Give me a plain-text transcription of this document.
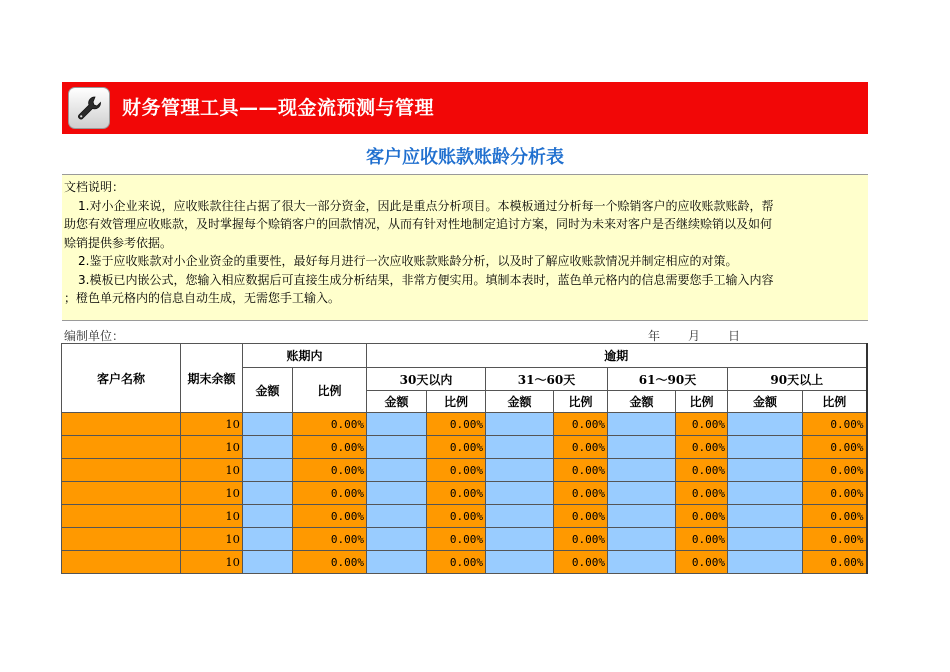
财务管理工具——现金流预测与管理
客户应收账款账龄分析表

文档说明：

1.对小企业来说，应收账款往往占据了很大一部分资金，因此是重点分析项目。本模板通过分析每一个赊销客户的应收账款账龄，帮

助您有效管理应收账款，及时掌握每个赊销客户的回款情况，从而有针对性地制定追讨方案，同时为未来对客户是否继续赊销以及如何

赊销提供参考依据。

2.鉴于应收账款对小企业资金的重要性，最好每月进行一次应收账款账龄分析，以及时了解应收账款情况并制定相应的对策。

3.模板已内嵌公式，您输入相应数据后可直接生成分析结果，非常方便实用。填制本表时，蓝色单元格内的信息需要您手工输入内容

；橙色单元格内的信息自动生成，无需您手工输入。

编制单位：	年 月 日
客户名称	期末余额	账期内		逾期							
		金额	比例	30天以内		31～60天		61～90天		90天以上	
				金额	比例	金额	比例	金额	比例	金额	比例
	10		0.00%		0.00%		0.00%		0.00%		0.00%
	10		0.00%		0.00%		0.00%		0.00%		0.00%
	10		0.00%		0.00%		0.00%		0.00%		0.00%
	10		0.00%		0.00%		0.00%		0.00%		0.00%
	10		0.00%		0.00%		0.00%		0.00%		0.00%
	10		0.00%		0.00%		0.00%		0.00%		0.00%
	10		0.00%		0.00%		0.00%		0.00%		0.00%
